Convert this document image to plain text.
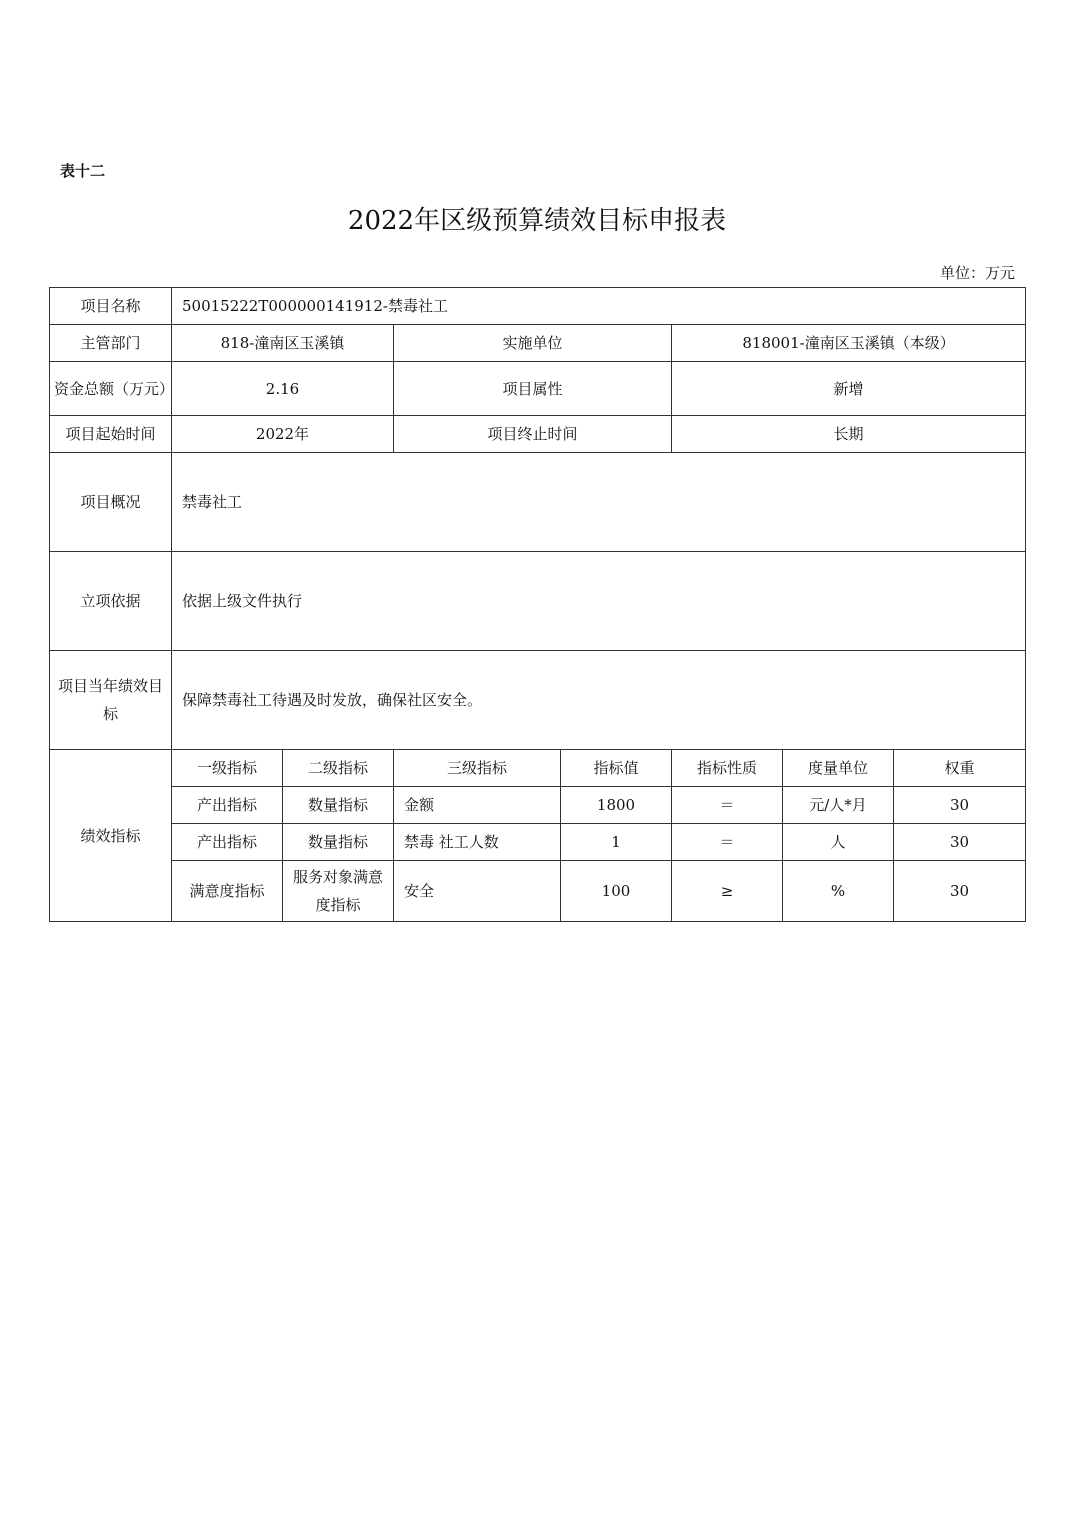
表十二
2022年区级预算绩效目标申报表
单位：万元
项目名称	50015222T000000141912-禁毒社工						
主管部门	818-潼南区玉溪镇		实施单位		818001-潼南区玉溪镇（本级）		
资金总额（万元）	2.16		项目属性		新增		
项目起始时间	2022年		项目终止时间		长期		
项目概况	禁毒社工						
立项依据	依据上级文件执行						
项目当年绩效目标	保障禁毒社工待遇及时发放，确保社区安全。						
绩效指标	一级指标	二级指标	三级指标	指标值	指标性质	度量单位	权重
	产出指标	数量指标	金额	1800	＝	元/人*月	30
	产出指标	数量指标	禁毒 社工人数	1	＝	人	30
	满意度指标	服务对象满意度指标	安全	100	≥	%	30
